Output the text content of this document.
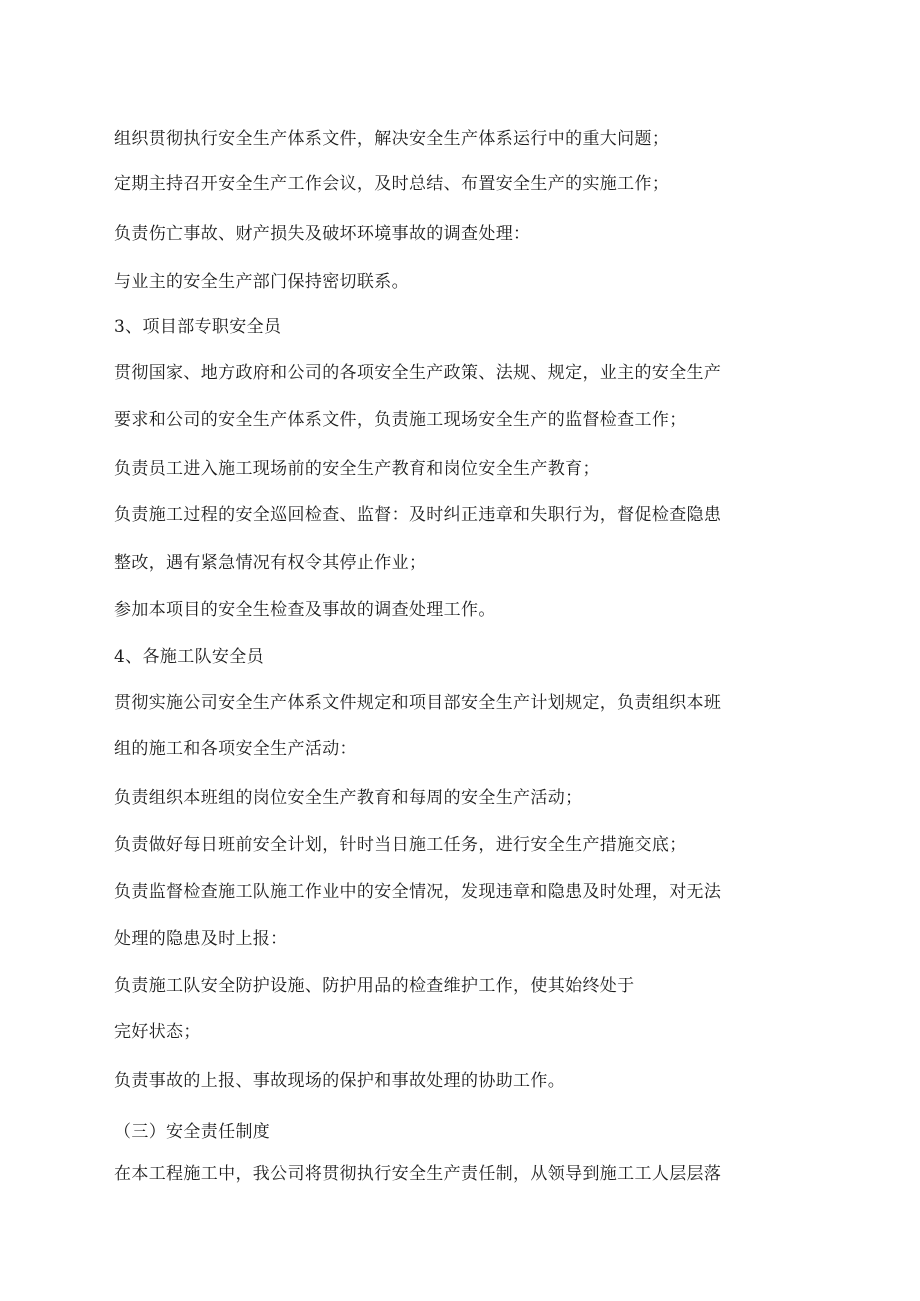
组织贯彻执行安全生产体系文件，解决安全生产体系运行中的重大问题；
定期主持召开安全生产工作会议，及时总结、布置安全生产的实施工作；
负责伤亡事故、财产损失及破坏环境事故的调查处理：
与业主的安全生产部门保持密切联系。
3、项目部专职安全员
贯彻国家、地方政府和公司的各项安全生产政策、法规、规定，业主的安全生产
要求和公司的安全生产体系文件，负责施工现场安全生产的监督检查工作；
负责员工进入施工现场前的安全生产教育和岗位安全生产教育；
负责施工过程的安全巡回检查、监督：及时纠正违章和失职行为，督促检查隐患
整改，遇有紧急情况有权令其停止作业；
参加本项目的安全生检查及事故的调查处理工作。
4、各施工队安全员
贯彻实施公司安全生产体系文件规定和项目部安全生产计划规定，负责组织本班
组的施工和各项安全生产活动：
负责组织本班组的岗位安全生产教育和每周的安全生产活动；
负责做好每日班前安全计划，针时当日施工任务，进行安全生产措施交底；
负责监督检查施工队施工作业中的安全情况，发现违章和隐患及时处理，对无法
处理的隐患及时上报：
负责施工队安全防护设施、防护用品的检查维护工作，使其始终处于
完好状态；
负责事故的上报、事故现场的保护和事故处理的协助工作。
（三）安全责任制度
在本工程施工中，我公司将贯彻执行安全生产责任制，从领导到施工工人层层落
